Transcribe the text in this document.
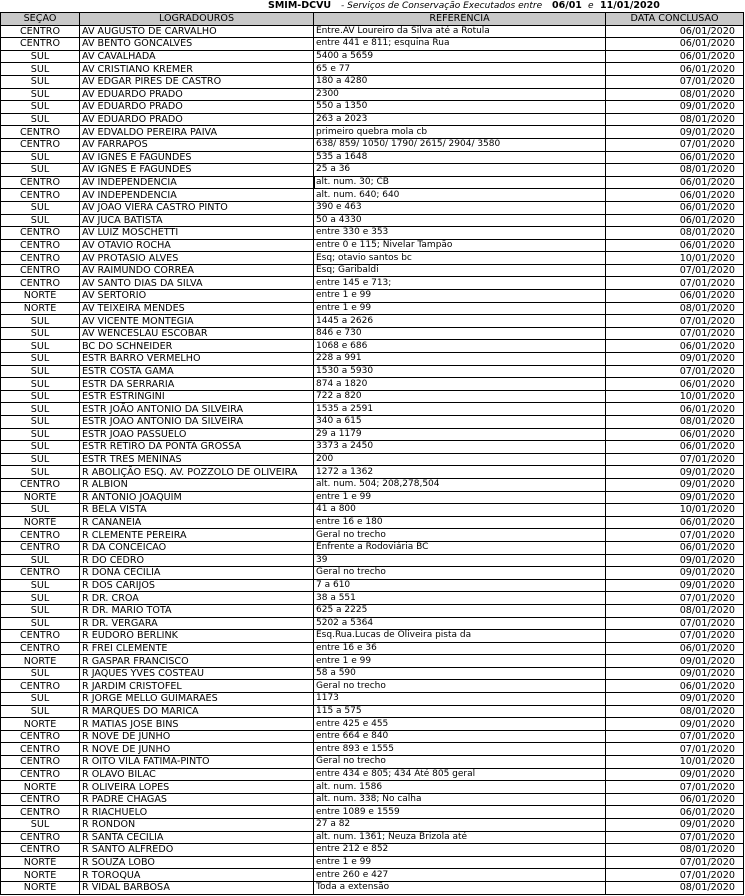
SMIM-DCVU - Serviços de Conservação Executados entre 06/01 e 11/01/2020
SEÇÃO	LOGRADOUROS	REFERÊNCIA	DATA CONCLUSÃO
CENTRO	AV AUGUSTO DE CARVALHO	Entre.AV Loureiro da Silva até a Rotula	06/01/2020
CENTRO	AV BENTO GONCALVES	entre 441 e 811; esquina Rua	06/01/2020
SUL	AV CAVALHADA	5400 a 5659	06/01/2020
SUL	AV CRISTIANO KREMER	65 e 77	06/01/2020
SUL	AV EDGAR PIRES DE CASTRO	180 a 4280	07/01/2020
SUL	AV EDUARDO PRADO	2300	08/01/2020
SUL	AV EDUARDO PRADO	550 a 1350	09/01/2020
SUL	AV EDUARDO PRADO	263 a 2023	08/01/2020
CENTRO	AV EDVALDO PEREIRA PAIVA	primeiro quebra mola cb	09/01/2020
CENTRO	AV FARRAPOS	638/ 859/ 1050/ 1790/ 2615/ 2904/ 3580	07/01/2020
SUL	AV IGNÊS E FAGUNDES	535 a 1648	06/01/2020
SUL	AV IGNÊS E FAGUNDES	25 a 36	08/01/2020
CENTRO	AV INDEPENDENCIA	alt. num. 30; CB	06/01/2020
CENTRO	AV INDEPENDENCIA	alt. num. 640; 640	06/01/2020
SUL	AV JOÃO VIERA CASTRO PINTO	390 e 463	06/01/2020
SUL	AV JUCA BATISTA	50 a 4330	06/01/2020
CENTRO	AV LUIZ MOSCHETTI	entre 330 e 353	08/01/2020
CENTRO	AV OTAVIO ROCHA	entre 0 e 115; Nivelar Tampão	06/01/2020
CENTRO	AV PROTASIO ALVES	Esq; otavio santos bc	10/01/2020
CENTRO	AV RAIMUNDO CORREA	Esq; Garibaldi	07/01/2020
CENTRO	AV SANTO DIAS DA SILVA	entre 145 e 713;	07/01/2020
NORTE	AV SERTORIO	entre 1 e 99	06/01/2020
NORTE	AV TEIXEIRA MENDES	entre 1 e 99	08/01/2020
SUL	AV VICENTE MONTEGIA	1445 a 2626	07/01/2020
SUL	AV WENCESLAU ESCOBAR	846 e 730	07/01/2020
SUL	BC DO SCHNEIDER	1068 e 686	06/01/2020
SUL	ESTR BARRO VERMELHO	228 a 991	09/01/2020
SUL	ESTR COSTA GAMA	1530 a 5930	07/01/2020
SUL	ESTR DA SERRARIA	874 a 1820	06/01/2020
SUL	ESTR ESTRINGINI	722 a 820	10/01/2020
SUL	ESTR JOÃO ANTONIO DA SILVEIRA	1535 a 2591	06/01/2020
SUL	ESTR JOÃO ANTONIO DA SILVEIRA	340 a 615	08/01/2020
SUL	ESTR JOÃO PASSUELO	29 a 1179	06/01/2020
SUL	ESTR RETIRO DA PONTA GROSSA	3373 a 2450	06/01/2020
SUL	ESTR TRES MENINAS	200	07/01/2020
SUL	R ABOLIÇÃO ESQ. AV. POZZOLO DE OLIVEIRA	1272 a 1362	09/01/2020
CENTRO	R ALBION	alt. num. 504; 208,278,504	09/01/2020
NORTE	R ANTONIO JOAQUIM	entre 1 e 99	09/01/2020
SUL	R BELA VISTA	41 a 800	10/01/2020
NORTE	R CANANEIA	entre 16 e 180	06/01/2020
CENTRO	R CLEMENTE PEREIRA	Geral no trecho	07/01/2020
CENTRO	R DA CONCEICAO	Enfrente a Rodoviária BC	06/01/2020
SUL	R DO CEDRO	39	09/01/2020
CENTRO	R DONA CECILIA	Geral no trecho	09/01/2020
SUL	R DOS CARIJOS	7 a 610	09/01/2020
SUL	R DR. CROA	38 a 551	07/01/2020
SUL	R DR. MARIO TOTA	625 a 2225	08/01/2020
SUL	R DR. VERGARA	5202 a 5364	07/01/2020
CENTRO	R EUDORO BERLINK	Esq.Rua.Lucas de Oliveira pista da	07/01/2020
CENTRO	R FREI CLEMENTE	entre 16 e 36	06/01/2020
NORTE	R GASPAR FRANCISCO	entre 1 e 99	09/01/2020
SUL	R JAQUES YVES COSTEAU	58 a 590	09/01/2020
CENTRO	R JARDIM CRISTOFEL	Geral no trecho	06/01/2020
SUL	R JORGE MELLO GUIMARÃES	1173	09/01/2020
SUL	R MARQUES DO MARICA	115 a 575	08/01/2020
NORTE	R MATIAS JOSE BINS	entre 425 e 455	09/01/2020
CENTRO	R NOVE DE JUNHO	entre 664 e 840	07/01/2020
CENTRO	R NOVE DE JUNHO	entre 893 e 1555	07/01/2020
CENTRO	R OITO VILA FATIMA-PINTO	Geral no trecho	10/01/2020
CENTRO	R OLAVO BILAC	entre 434 e 805; 434 Até 805 geral	09/01/2020
NORTE	R OLIVEIRA LOPES	alt. num. 1586	07/01/2020
CENTRO	R PADRE CHAGAS	alt. num. 338; No calha	06/01/2020
CENTRO	R RIACHUELO	entre 1089 e 1559	06/01/2020
SUL	R RONDON	27 a 82	09/01/2020
CENTRO	R SANTA CECILIA	alt. num. 1361; Neuza Brizola até	07/01/2020
CENTRO	R SANTO ALFREDO	entre 212 e 852	08/01/2020
NORTE	R SOUZA LOBO	entre 1 e 99	07/01/2020
NORTE	R TOROQUA	entre 260 e 427	07/01/2020
NORTE	R VIDAL BARBOSA	Toda a extensão	08/01/2020
